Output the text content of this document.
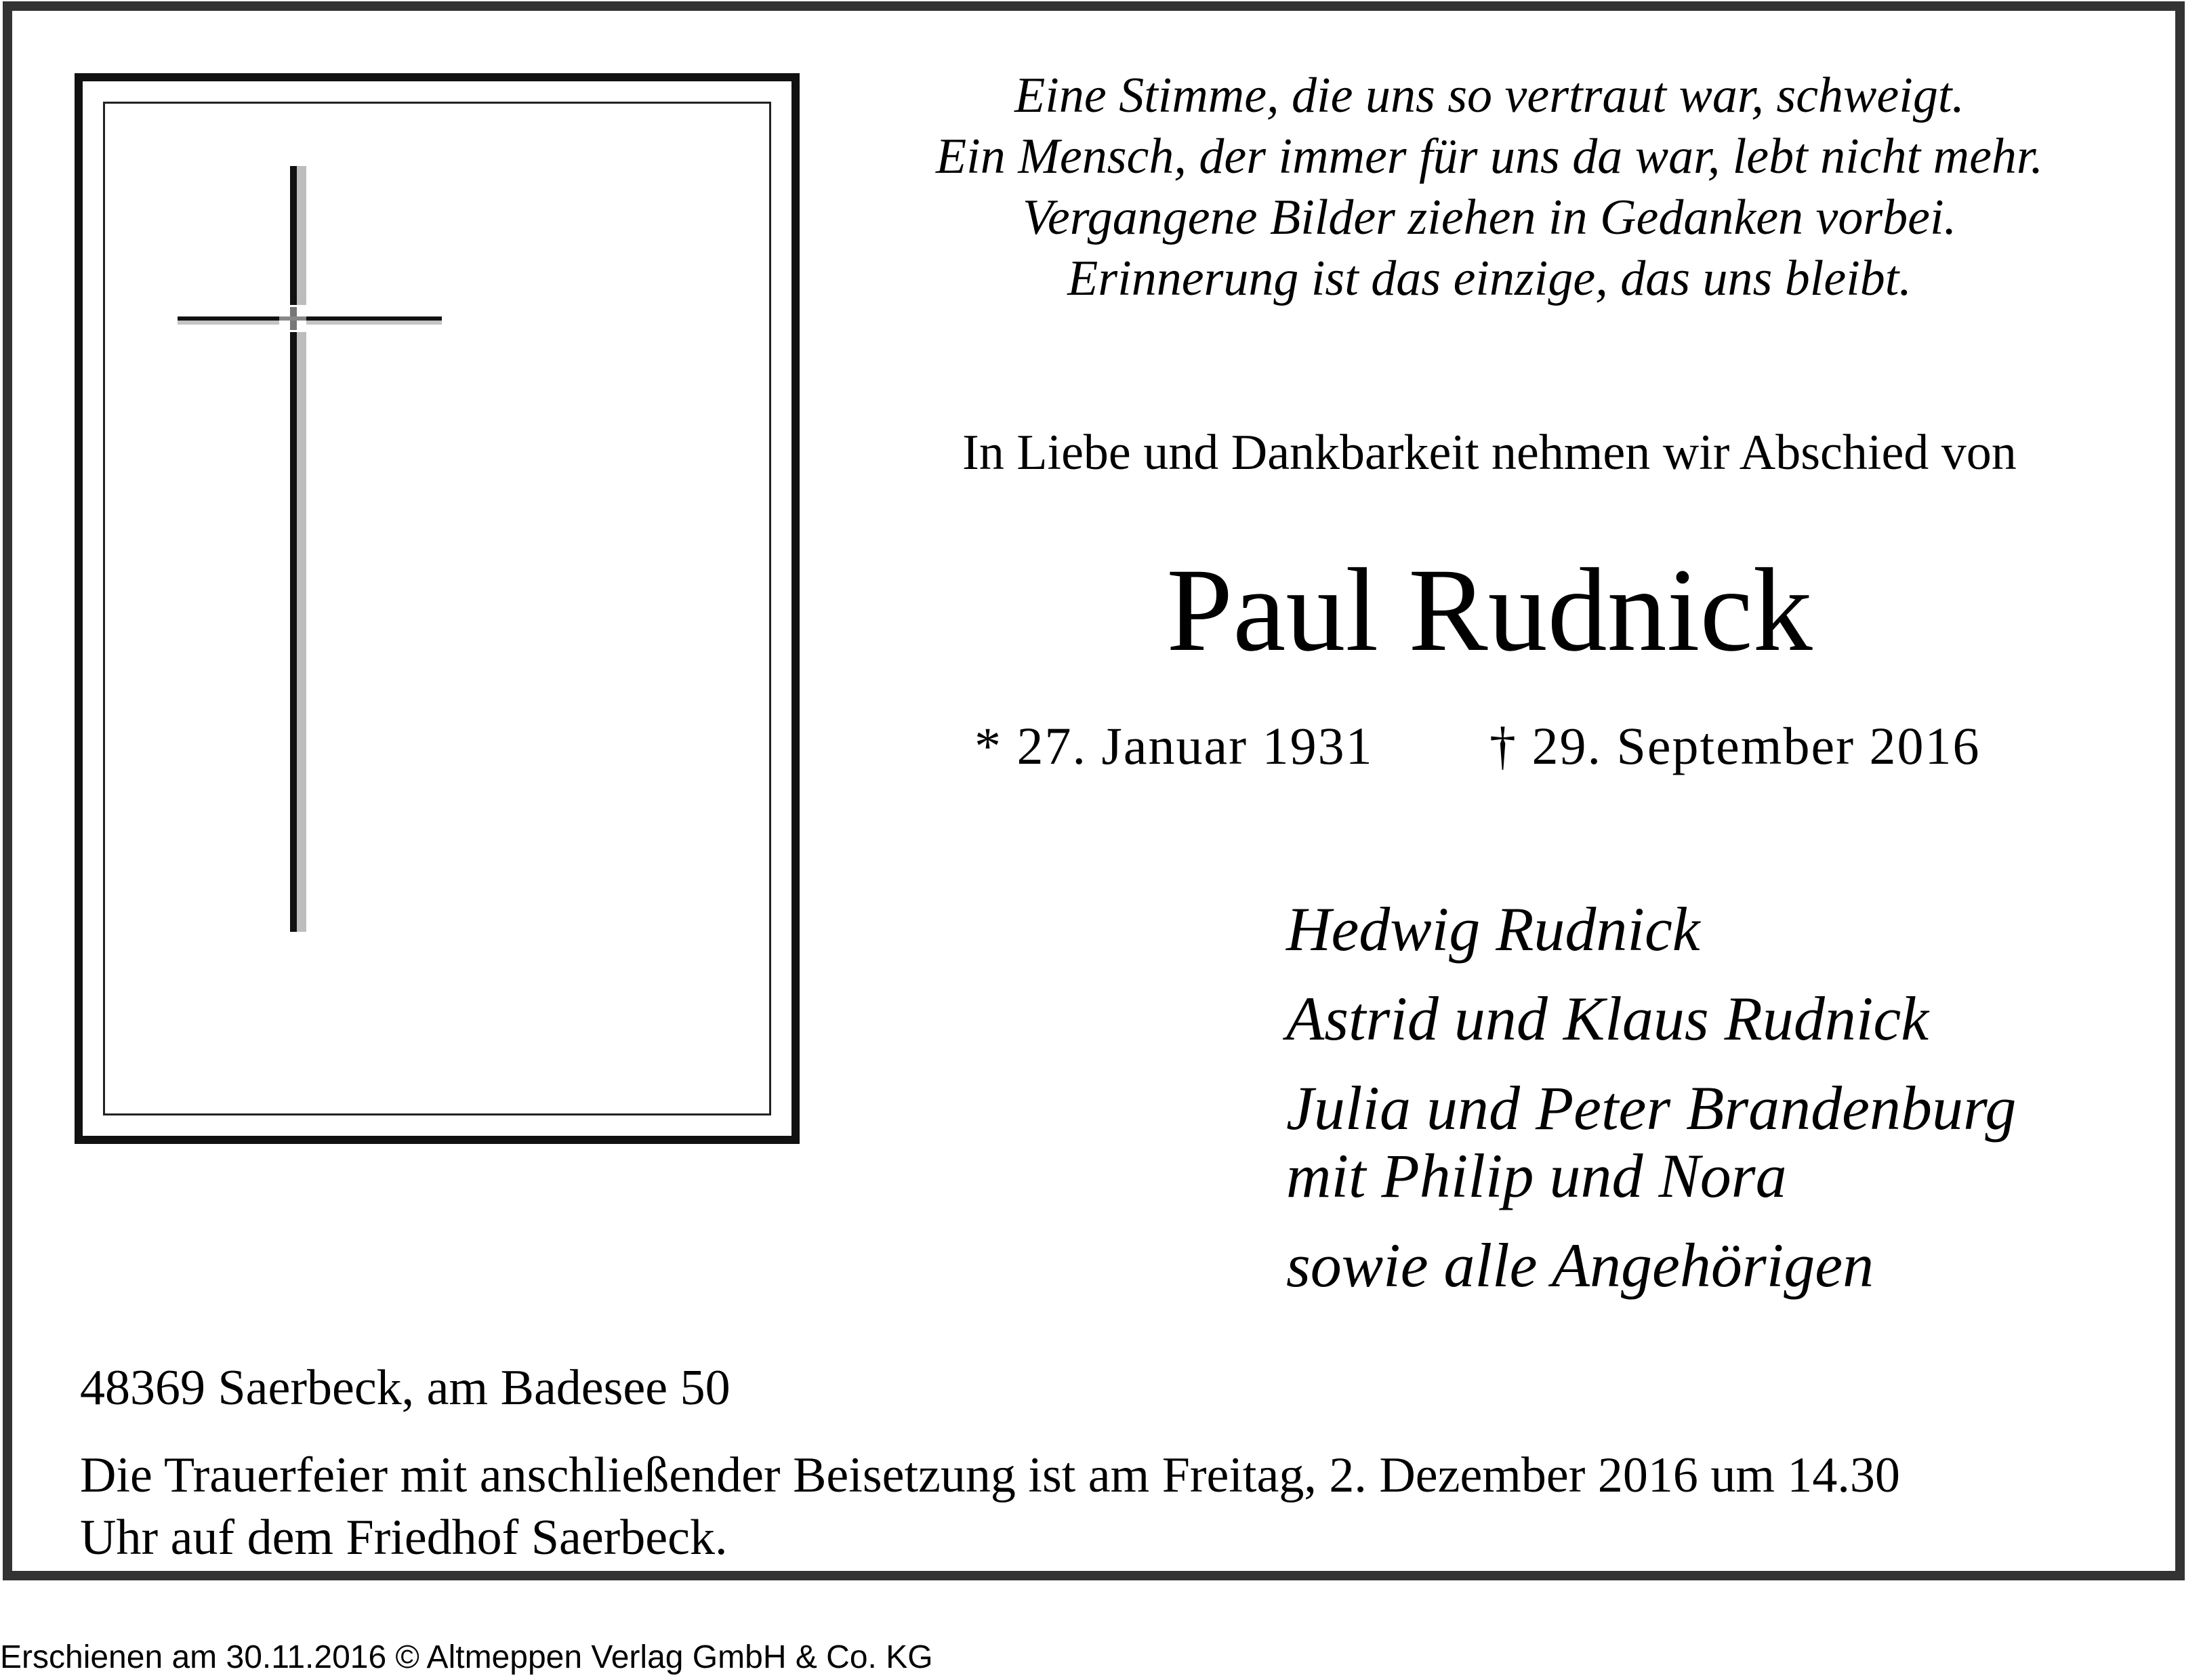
Eine Stimme, die uns so vertraut war, schweigt.
Ein Mensch, der immer für uns da war, lebt nicht mehr.
Vergangene Bilder ziehen in Gedanken vorbei.
Erinnerung ist das einzige, das uns bleibt.
In Liebe und Dankbarkeit nehmen wir Abschied von
Paul Rudnick
* 27. Januar 1931 † 29. September 2016
Hedwig Rudnick
Astrid und Klaus Rudnick
Julia und Peter Brandenburg
mit Philip und Nora
sowie alle Angehörigen
48369 Saerbeck, am Badesee 50
Die Trauerfeier mit anschließender Beisetzung ist am Freitag, 2. Dezember 2016 um 14.30
Uhr auf dem Friedhof Saerbeck.
Erschienen am 30.11.2016 © Altmeppen Verlag GmbH & Co. KG
